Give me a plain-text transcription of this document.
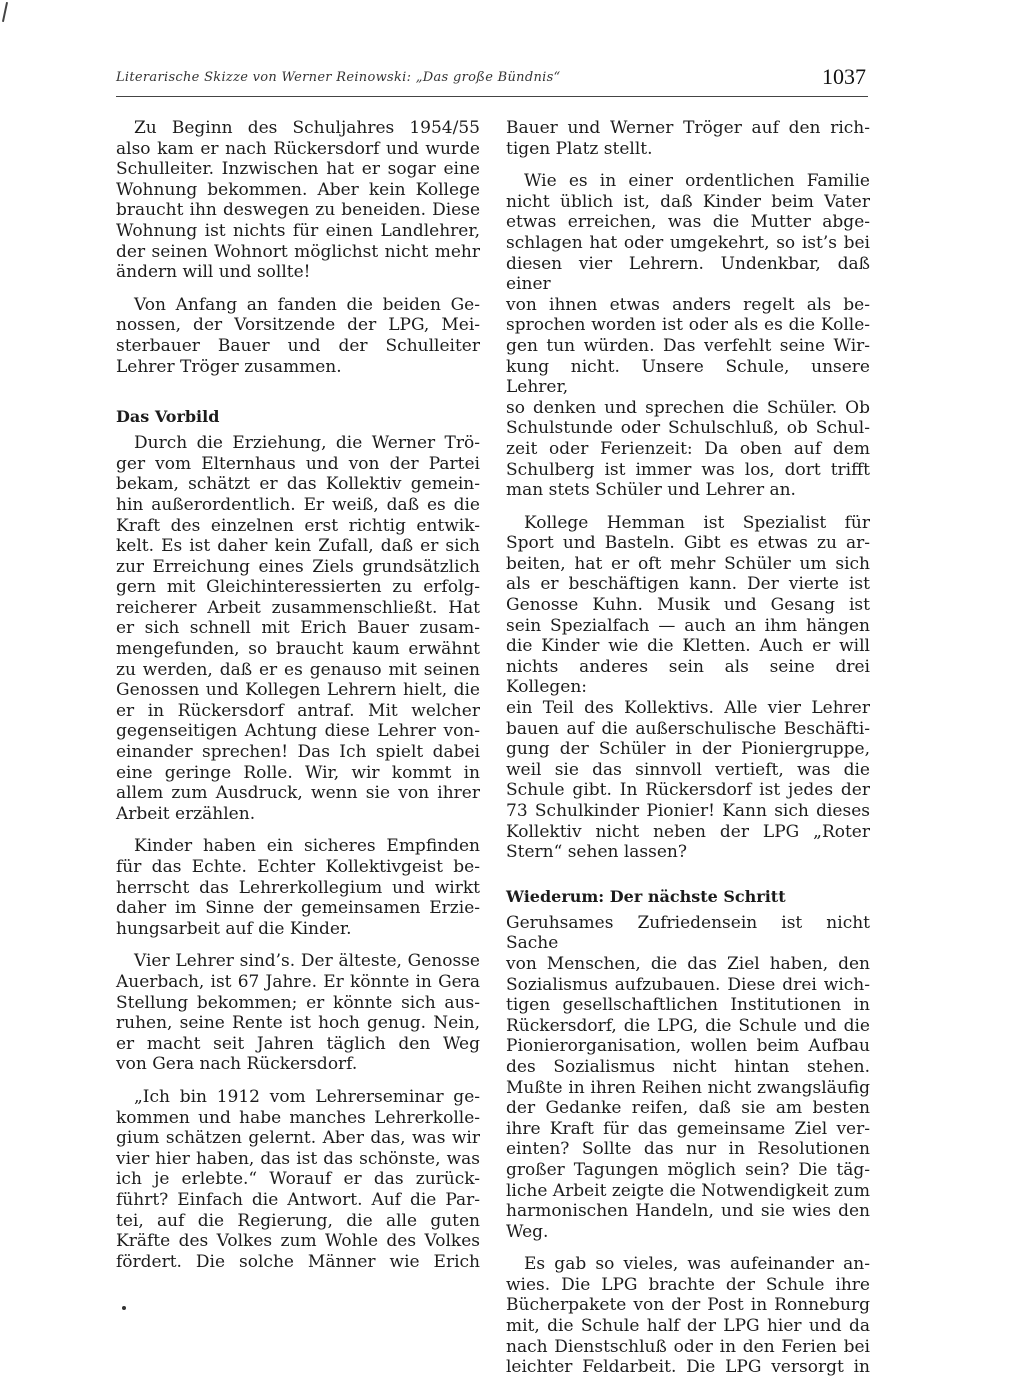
Literarische Skizze von Werner Reinowski: „Das große Bündnis“	1037
Zu Beginn des Schuljahres 1954/55
also kam er nach Rückersdorf und wurde
Schulleiter. Inzwischen hat er sogar eine
Wohnung bekommen. Aber kein Kollege
braucht ihn deswegen zu beneiden. Diese
Wohnung ist nichts für einen Landlehrer,
der seinen Wohnort möglichst nicht mehr
ändern will und sollte!
Von Anfang an fanden die beiden Ge-
nossen, der Vorsitzende der LPG, Mei-
sterbauer Bauer und der Schulleiter
Lehrer Tröger zusammen.
Das Vorbild
Durch die Erziehung, die Werner Trö-
ger vom Elternhaus und von der Partei
bekam, schätzt er das Kollektiv gemein-
hin außerordentlich. Er weiß, daß es die
Kraft des einzelnen erst richtig entwik-
kelt. Es ist daher kein Zufall, daß er sich
zur Erreichung eines Ziels grundsätzlich
gern mit Gleichinteressierten zu erfolg-
reicherer Arbeit zusammenschließt. Hat
er sich schnell mit Erich Bauer zusam-
mengefunden, so braucht kaum erwähnt
zu werden, daß er es genauso mit seinen
Genossen und Kollegen Lehrern hielt, die
er in Rückersdorf antraf. Mit welcher
gegenseitigen Achtung diese Lehrer von-
einander sprechen! Das Ich spielt dabei
eine geringe Rolle. Wir, wir kommt in
allem zum Ausdruck, wenn sie von ihrer
Arbeit erzählen.
Kinder haben ein sicheres Empfinden
für das Echte. Echter Kollektivgeist be-
herrscht das Lehrerkollegium und wirkt
daher im Sinne der gemeinsamen Erzie-
hungsarbeit auf die Kinder.
Vier Lehrer sind’s. Der älteste, Genosse
Auerbach, ist 67 Jahre. Er könnte in Gera
Stellung bekommen; er könnte sich aus-
ruhen, seine Rente ist hoch genug. Nein,
er macht seit Jahren täglich den Weg
von Gera nach Rückersdorf.
„Ich bin 1912 vom Lehrerseminar ge-
kommen und habe manches Lehrerkolle-
gium schätzen gelernt. Aber das, was wir
vier hier haben, das ist das schönste, was
ich je erlebte.“ Worauf er das zurück-
führt? Einfach die Antwort. Auf die Par-
tei, auf die Regierung, die alle guten
Kräfte des Volkes zum Wohle des Volkes
fördert. Die solche Männer wie Erich
Bauer und Werner Tröger auf den rich-
tigen Platz stellt.
Wie es in einer ordentlichen Familie
nicht üblich ist, daß Kinder beim Vater
etwas erreichen, was die Mutter abge-
schlagen hat oder umgekehrt, so ist’s bei
diesen vier Lehrern. Undenkbar, daß einer
von ihnen etwas anders regelt als be-
sprochen worden ist oder als es die Kolle-
gen tun würden. Das verfehlt seine Wir-
kung nicht. Unsere Schule, unsere Lehrer,
so denken und sprechen die Schüler. Ob
Schulstunde oder Schulschluß, ob Schul-
zeit oder Ferienzeit: Da oben auf dem
Schulberg ist immer was los, dort trifft
man stets Schüler und Lehrer an.
Kollege Hemman ist Spezialist für
Sport und Basteln. Gibt es etwas zu ar-
beiten, hat er oft mehr Schüler um sich
als er beschäftigen kann. Der vierte ist
Genosse Kuhn. Musik und Gesang ist
sein Spezialfach — auch an ihm hängen
die Kinder wie die Kletten. Auch er will
nichts anderes sein als seine drei Kollegen:
ein Teil des Kollektivs. Alle vier Lehrer
bauen auf die außerschulische Beschäfti-
gung der Schüler in der Pioniergruppe,
weil sie das sinnvoll vertieft, was die
Schule gibt. In Rückersdorf ist jedes der
73 Schulkinder Pionier! Kann sich dieses
Kollektiv nicht neben der LPG „Roter
Stern“ sehen lassen?
Wiederum: Der nächste Schritt
Geruhsames Zufriedensein ist nicht Sache
von Menschen, die das Ziel haben, den
Sozialismus aufzubauen. Diese drei wich-
tigen gesellschaftlichen Institutionen in
Rückersdorf, die LPG, die Schule und die
Pionierorganisation, wollen beim Aufbau
des Sozialismus nicht hintan stehen.
Mußte in ihren Reihen nicht zwangsläufig
der Gedanke reifen, daß sie am besten
ihre Kraft für das gemeinsame Ziel ver-
einten? Sollte das nur in Resolutionen
großer Tagungen möglich sein? Die täg-
liche Arbeit zeigte die Notwendigkeit zum
harmonischen Handeln, und sie wies den
Weg.
Es gab so vieles, was aufeinander an-
wies. Die LPG brachte der Schule ihre
Bücherpakete von der Post in Ronneburg
mit, die Schule half der LPG hier und da
nach Dienstschluß oder in den Ferien bei
leichter Feldarbeit. Die LPG versorgt in
